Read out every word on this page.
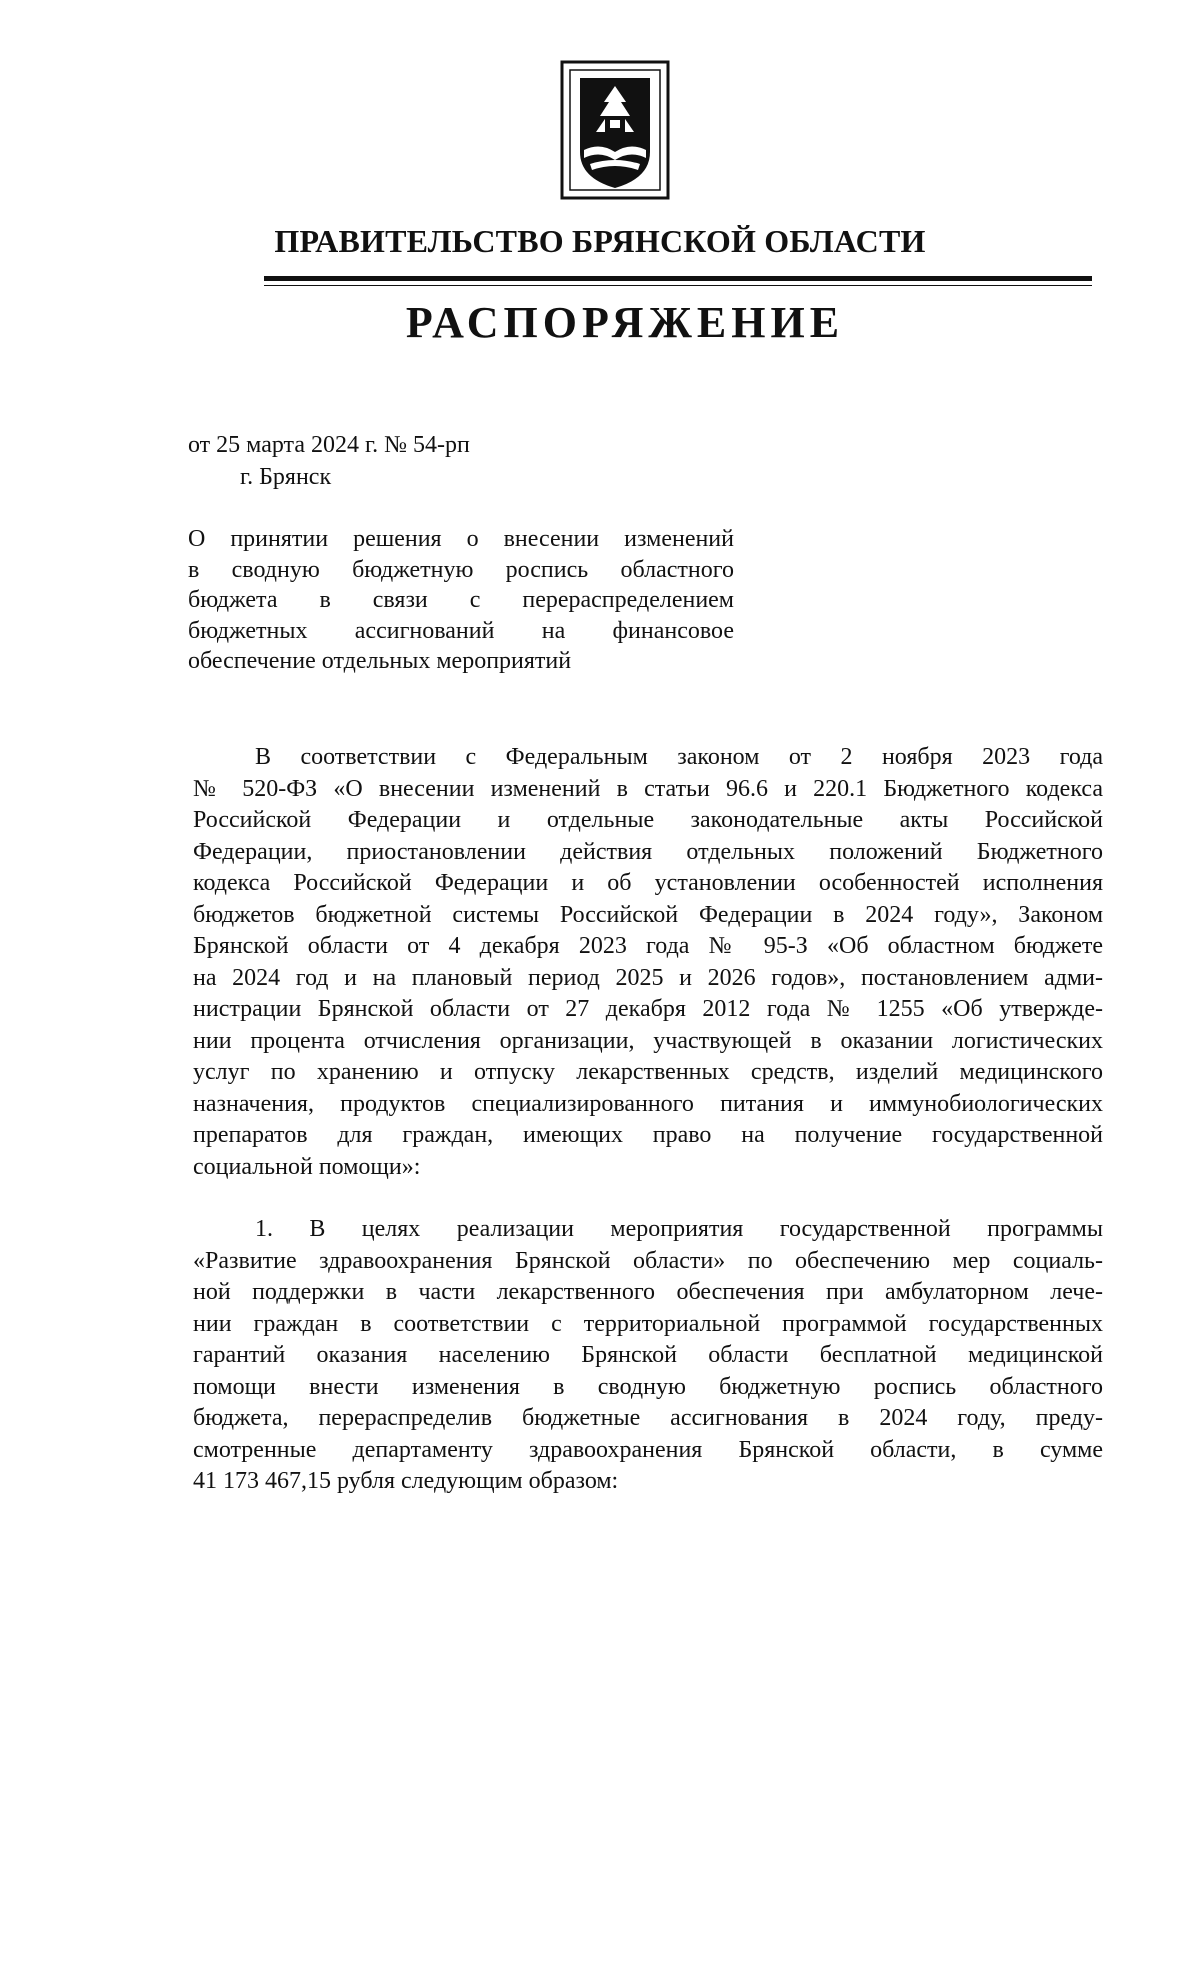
ПРАВИТЕЛЬСТВО БРЯНСКОЙ ОБЛАСТИ
РАСПОРЯЖЕНИЕ
от 25 марта 2024 г. № 54-рп
г. Брянск
О принятии решения о внесении изменений
в сводную бюджетную роспись областного
бюджета в связи с перераспределением
бюджетных ассигнований на финансовое
обеспечение отдельных мероприятий
В соответствии с Федеральным законом от 2 ноября 2023 года
№ 520-ФЗ «О внесении изменений в статьи 96.6 и 220.1 Бюджетного кодекса
Российской Федерации и отдельные законодательные акты Российской
Федерации, приостановлении действия отдельных положений Бюджетного
кодекса Российской Федерации и об установлении особенностей исполнения
бюджетов бюджетной системы Российской Федерации в 2024 году», Законом
Брянской области от 4 декабря 2023 года № 95-З «Об областном бюджете
на 2024 год и на плановый период 2025 и 2026 годов», постановлением адми-
нистрации Брянской области от 27 декабря 2012 года № 1255 «Об утвержде-
нии процента отчисления организации, участвующей в оказании логистических
услуг по хранению и отпуску лекарственных средств, изделий медицинского
назначения, продуктов специализированного питания и иммунобиологических
препаратов для граждан, имеющих право на получение государственной
социальной помощи»:
1. В целях реализации мероприятия государственной программы
«Развитие здравоохранения Брянской области» по обеспечению мер социаль-
ной поддержки в части лекарственного обеспечения при амбулаторном лече-
нии граждан в соответствии с территориальной программой государственных
гарантий оказания населению Брянской области бесплатной медицинской
помощи внести изменения в сводную бюджетную роспись областного
бюджета, перераспределив бюджетные ассигнования в 2024 году, преду-
смотренные департаменту здравоохранения Брянской области, в сумме
41 173 467,15 рубля следующим образом:
